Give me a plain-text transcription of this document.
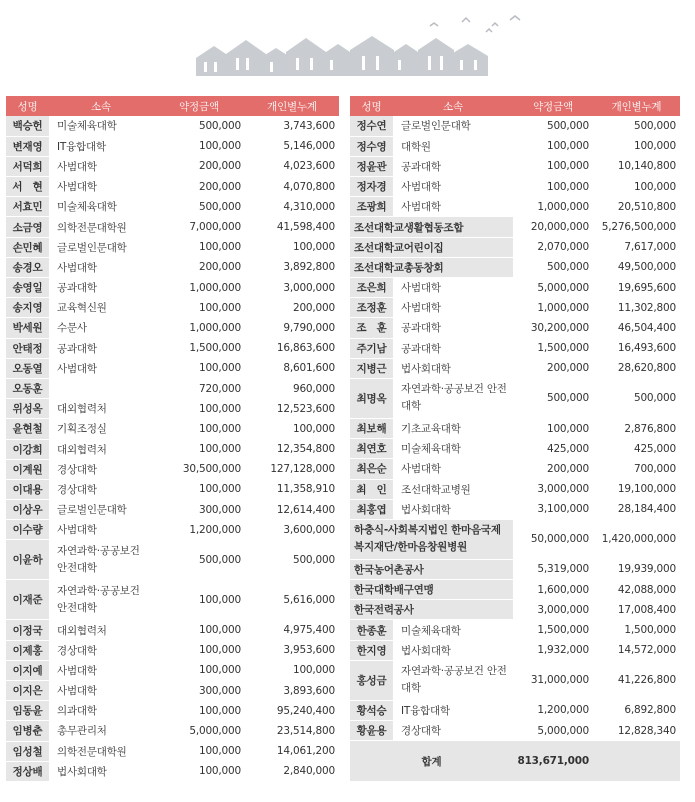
성명	소속	약정금액	개인별누계
백승헌	미술체육대학	500,000	3,743,600
변재영	IT융합대학	100,000	5,146,000
서덕희	사범대학	200,000	4,023,600
서　현	사범대학	200,000	4,070,800
서효민	미술체육대학	500,000	4,310,000
소금영	의학전문대학원	7,000,000	41,598,400
손민혜	글로벌인문대학	100,000	100,000
송경오	사범대학	200,000	3,892,800
송영일	공과대학	1,000,000	3,000,000
송지영	교육혁신원	100,000	200,000
박세원	수문사	1,000,000	9,790,000
안태정	공과대학	1,500,000	16,863,600
오동열	사범대학	100,000	8,601,600
오동훈		720,000	960,000
위성옥	대외협력처	100,000	12,523,600
윤현철	기획조정실	100,000	100,000
이강희	대외협력처	100,000	12,354,800
이계원	경상대학	30,500,000	127,128,000
이대용	경상대학	100,000	11,358,910
이상우	글로벌인문대학	300,000	12,614,400
이수량	사범대학	1,200,000	3,600,000
이윤하	자연과학·공공보건 안전대학	500,000	500,000
이재준	자연과학·공공보건 안전대학	100,000	5,616,000
이정국	대외협력처	100,000	4,975,400
이제홍	경상대학	100,000	3,953,600
이지예	사범대학	100,000	100,000
이지은	사범대학	300,000	3,893,600
임동윤	의과대학	100,000	95,240,400
임병춘	총무관리처	5,000,000	23,514,800
임성철	의학전문대학원	100,000	14,061,200
정상배	법사회대학	100,000	2,840,000
성명	소속	약정금액	개인별누계
정수연	글로벌인문대학	500,000	500,000
정수영	대학원	100,000	100,000
정윤관	공과대학	100,000	10,140,800
정자경	사범대학	100,000	100,000
조광희	사범대학	1,000,000	20,510,800
조선대학교생활협동조합		20,000,000	5,276,500,000
조선대학교어린이집		2,070,000	7,617,000
조선대학교총동창회		500,000	49,500,000
조은희	사범대학	5,000,000	19,695,600
조정훈	사범대학	1,000,000	11,302,800
조　훈	공과대학	30,200,000	46,504,400
주기남	공과대학	1,500,000	16,493,600
지병근	법사회대학	200,000	28,620,800
최명옥	자연과학·공공보건 안전대학	500,000	500,000
최보해	기초교육대학	100,000	2,876,800
최연호	미술체육대학	425,000	425,000
최은순	사범대학	200,000	700,000
최　인	조선대학교병원	3,000,000	19,100,000
최홍엽	법사회대학	3,100,000	28,184,400
하충식-사회복지법인 한마음국제 복지재단/한마음창원병원		50,000,000	1,420,000,000
한국농어촌공사		5,319,000	19,939,000
한국대학배구연맹		1,600,000	42,088,000
한국전력공사		3,000,000	17,008,400
한종훈	미술체육대학	1,500,000	1,500,000
한지영	법사회대학	1,932,000	14,572,000
홍성금	자연과학·공공보건 안전대학	31,000,000	41,226,800
황석승	IT융합대학	1,200,000	6,892,800
황윤용	경상대학	5,000,000	12,828,340
합계		813,671,000	
